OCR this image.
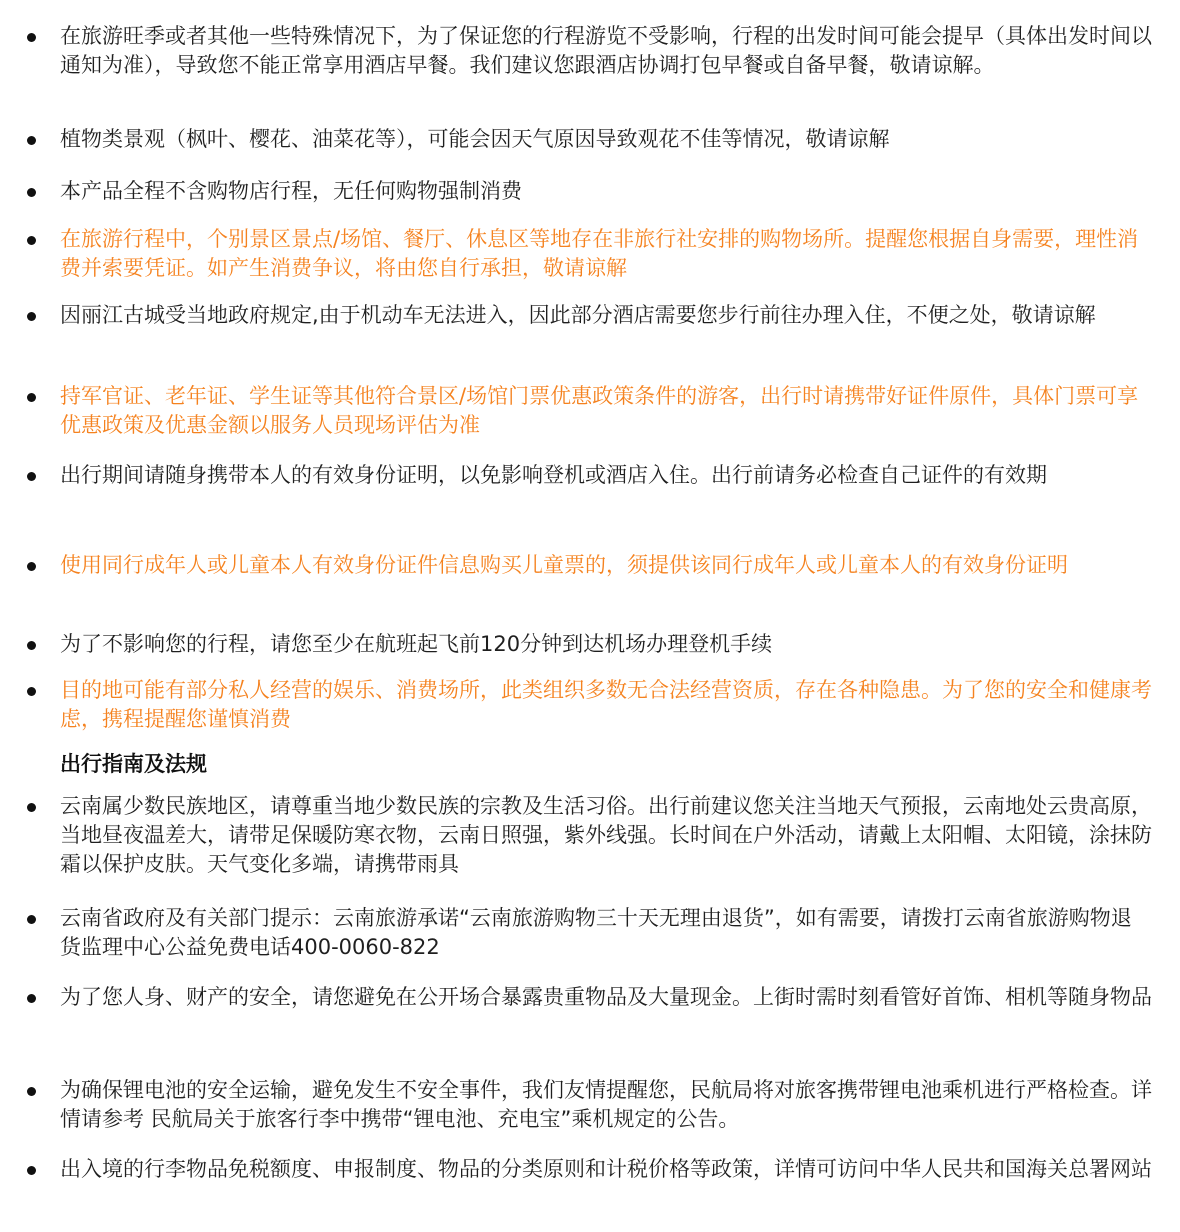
在旅游旺季或者其他一些特殊情况下，为了保证您的行程游览不受影响，行程的出发时间可能会提早（具体出发时间以通知为准），导致您不能正常享用酒店早餐。我们建议您跟酒店协调打包早餐或自备早餐，敬请谅解。
植物类景观（枫叶、樱花、油菜花等），可能会因天气原因导致观花不佳等情况，敬请谅解
本产品全程不含购物店行程，无任何购物强制消费
在旅游行程中，个别景区景点/场馆、餐厅、休息区等地存在非旅行社安排的购物场所。提醒您根据自身需要，理性消费并索要凭证。如产生消费争议，将由您自行承担，敬请谅解
因丽江古城受当地政府规定,由于机动车无法进入，因此部分酒店需要您步行前往办理入住，不便之处，敬请谅解
持军官证、老年证、学生证等其他符合景区/场馆门票优惠政策条件的游客，出行时请携带好证件原件，具体门票可享优惠政策及优惠金额以服务人员现场评估为准
出行期间请随身携带本人的有效身份证明，以免影响登机或酒店入住。出行前请务必检查自己证件的有效期
使用同行成年人或儿童本人有效身份证件信息购买儿童票的，须提供该同行成年人或儿童本人的有效身份证明
为了不影响您的行程，请您至少在航班起飞前120分钟到达机场办理登机手续
目的地可能有部分私人经营的娱乐、消费场所，此类组织多数无合法经营资质，存在各种隐患。为了您的安全和健康考虑，携程提醒您谨慎消费
出行指南及法规
云南属少数民族地区，请尊重当地少数民族的宗教及生活习俗。出行前建议您关注当地天气预报，云南地处云贵高原，当地昼夜温差大，请带足保暖防寒衣物，云南日照强，紫外线强。长时间在户外活动，请戴上太阳帽、太阳镜，涂抹防霜以保护皮肤。天气变化多端，请携带雨具
云南省政府及有关部门提示：云南旅游承诺“云南旅游购物三十天无理由退货”，如有需要，请拨打云南省旅游购物退货监理中心公益免费电话400-0060-822
为了您人身、财产的安全，请您避免在公开场合暴露贵重物品及大量现金。上街时需时刻看管好首饰、相机等随身物品
为确保锂电池的安全运输，避免发生不安全事件，我们友情提醒您，民航局将对旅客携带锂电池乘机进行严格检查。详情请参考 民航局关于旅客行李中携带“锂电池、充电宝”乘机规定的公告。
出入境的行李物品免税额度、申报制度、物品的分类原则和计税价格等政策，详情可访问中华人民共和国海关总署网站
